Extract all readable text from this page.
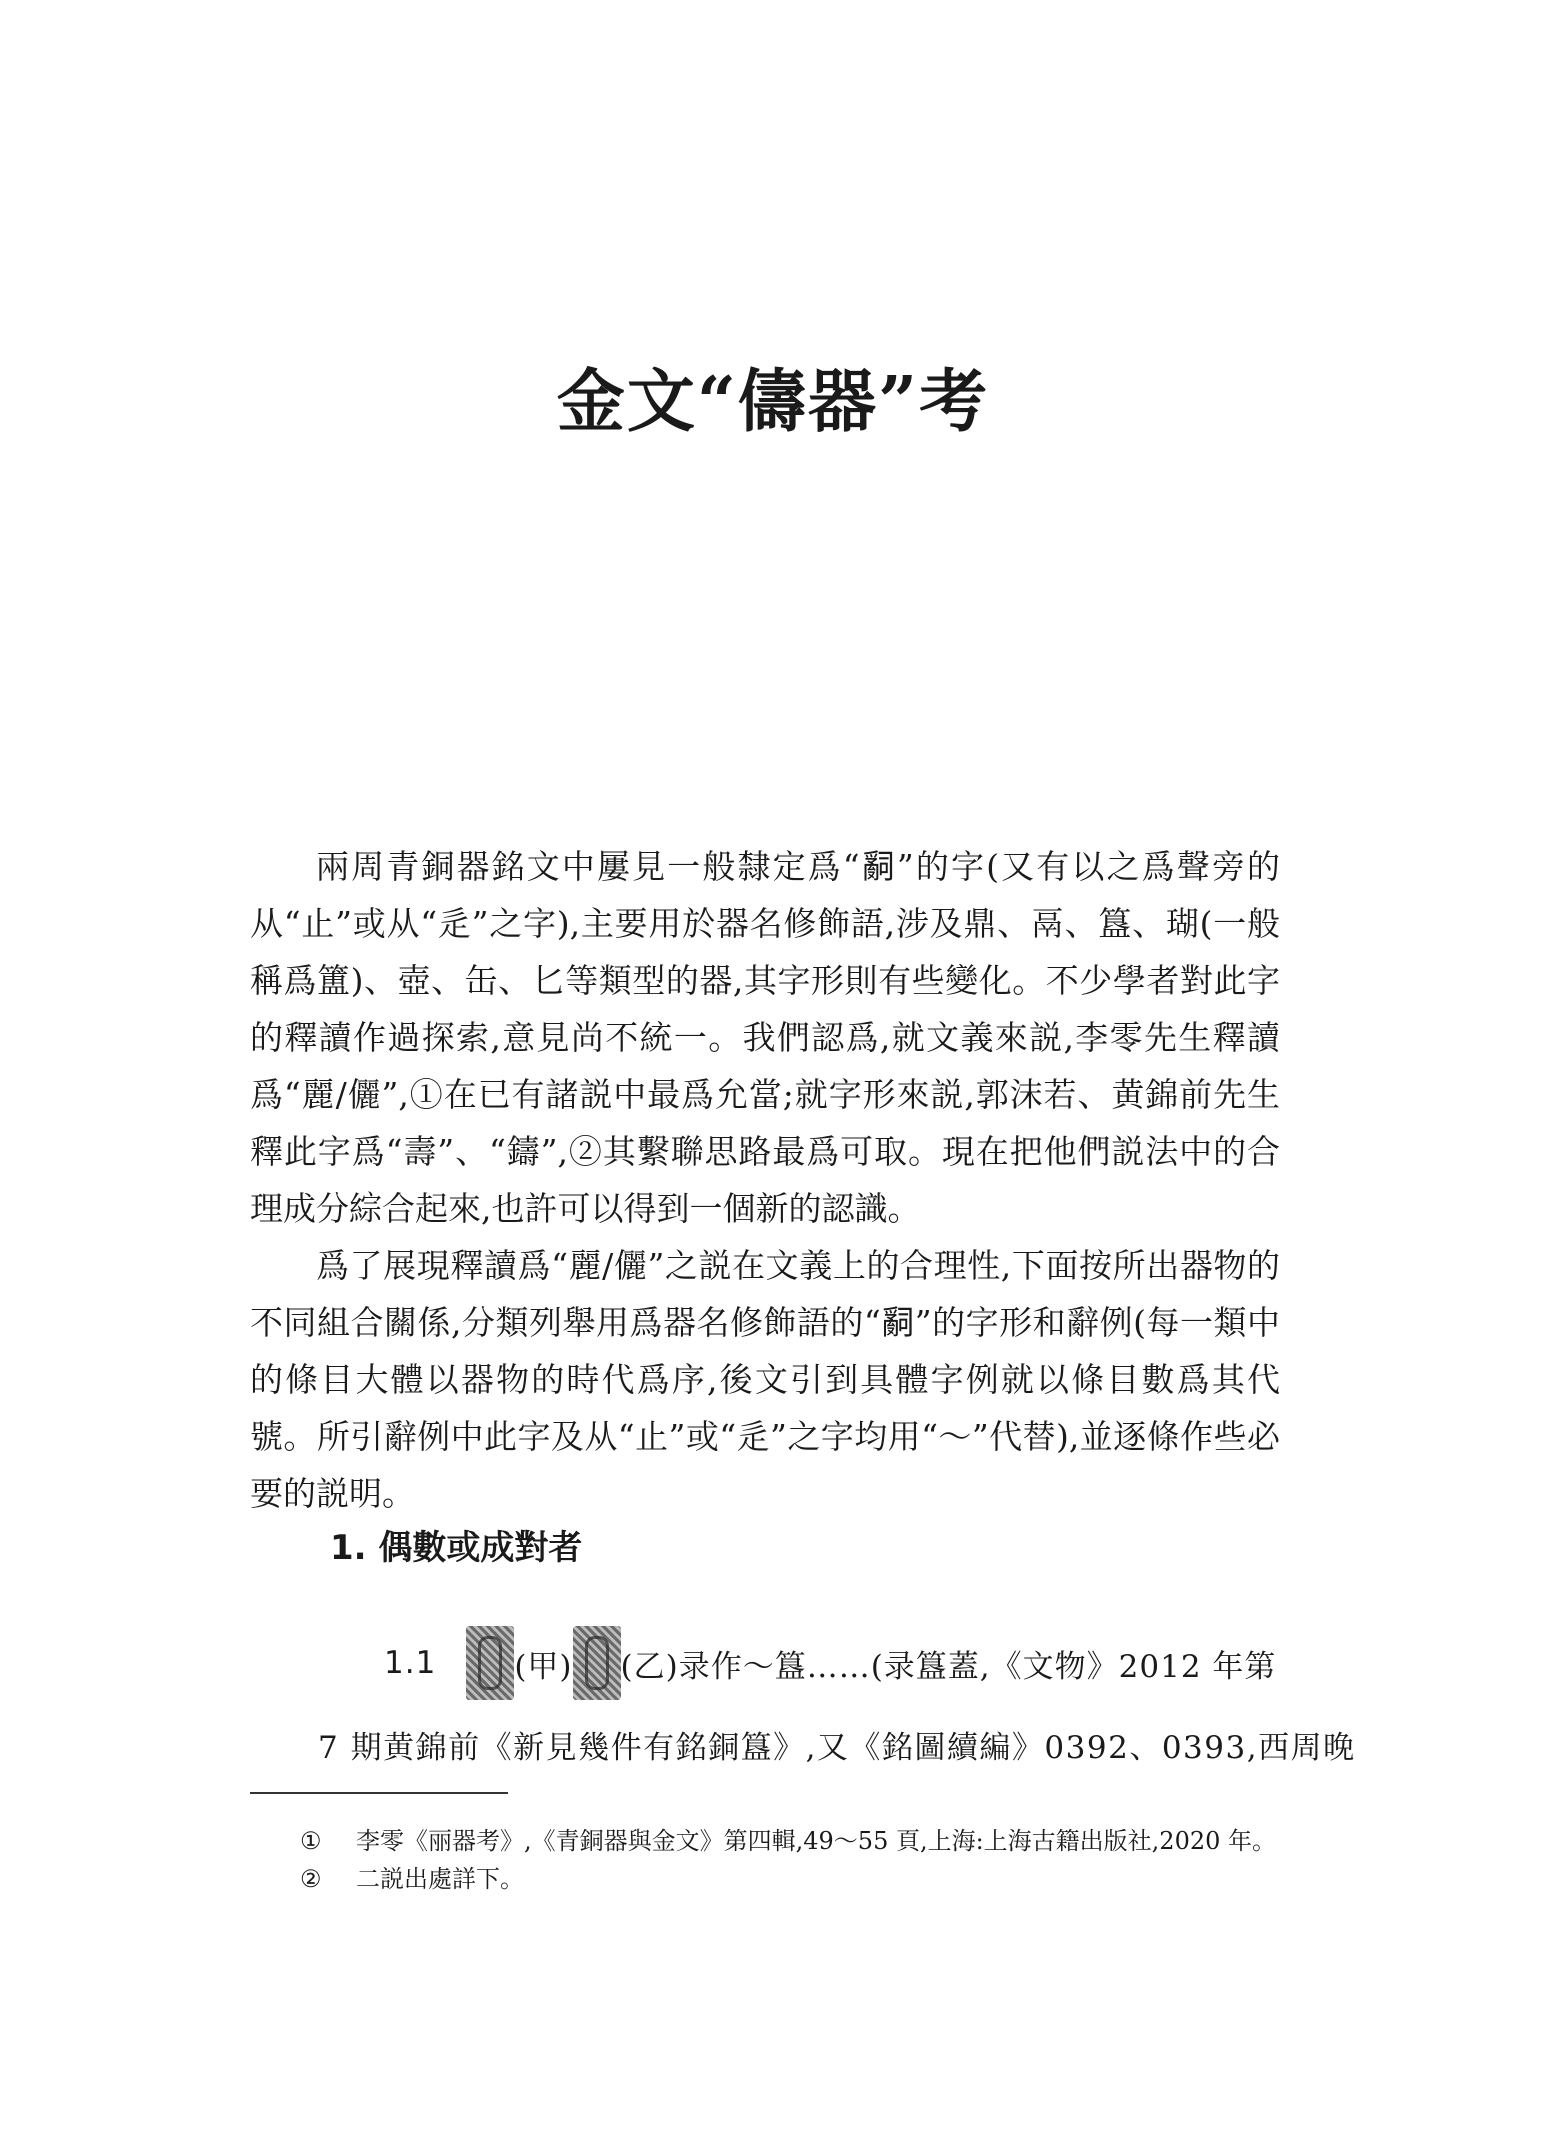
金文“儔器”考

兩周青銅器銘文中屢見一般隸定爲“𤔲”的字(又有以之爲聲旁的从“止”或从“辵”之字),主要用於器名修飾語,涉及鼎、鬲、簋、瑚(一般稱爲簠)、壺、缶、匕等類型的器,其字形則有些變化。不少學者對此字的釋讀作過探索,意見尚不統一。我們認爲,就文義來説,李零先生釋讀爲“麗/儷”,①在已有諸説中最爲允當;就字形來説,郭沫若、黄錦前先生釋此字爲“壽”、“鑄”,②其繫聯思路最爲可取。現在把他們説法中的合理成分綜合起來,也許可以得到一個新的認識。

爲了展現釋讀爲“麗/儷”之説在文義上的合理性,下面按所出器物的不同組合關係,分類列舉用爲器名修飾語的“𤔲”的字形和辭例(每一類中的條目大體以器物的時代爲序,後文引到具體字例就以條目數爲其代號。所引辭例中此字及从“止”或“辵”之字均用“～”代替),並逐條作些必要的説明。

1. 偶數或成對者
1.1	(甲) (乙)录作～簋……(录簋蓋,《文物》2012 年第
7 期黄錦前《新見幾件有銘銅簋》,又《銘圖續編》0392、0393,西周晚
①	李零《丽器考》,《青銅器與金文》第四輯,49～55 頁,上海:上海古籍出版社,2020 年。
②	二説出處詳下。
